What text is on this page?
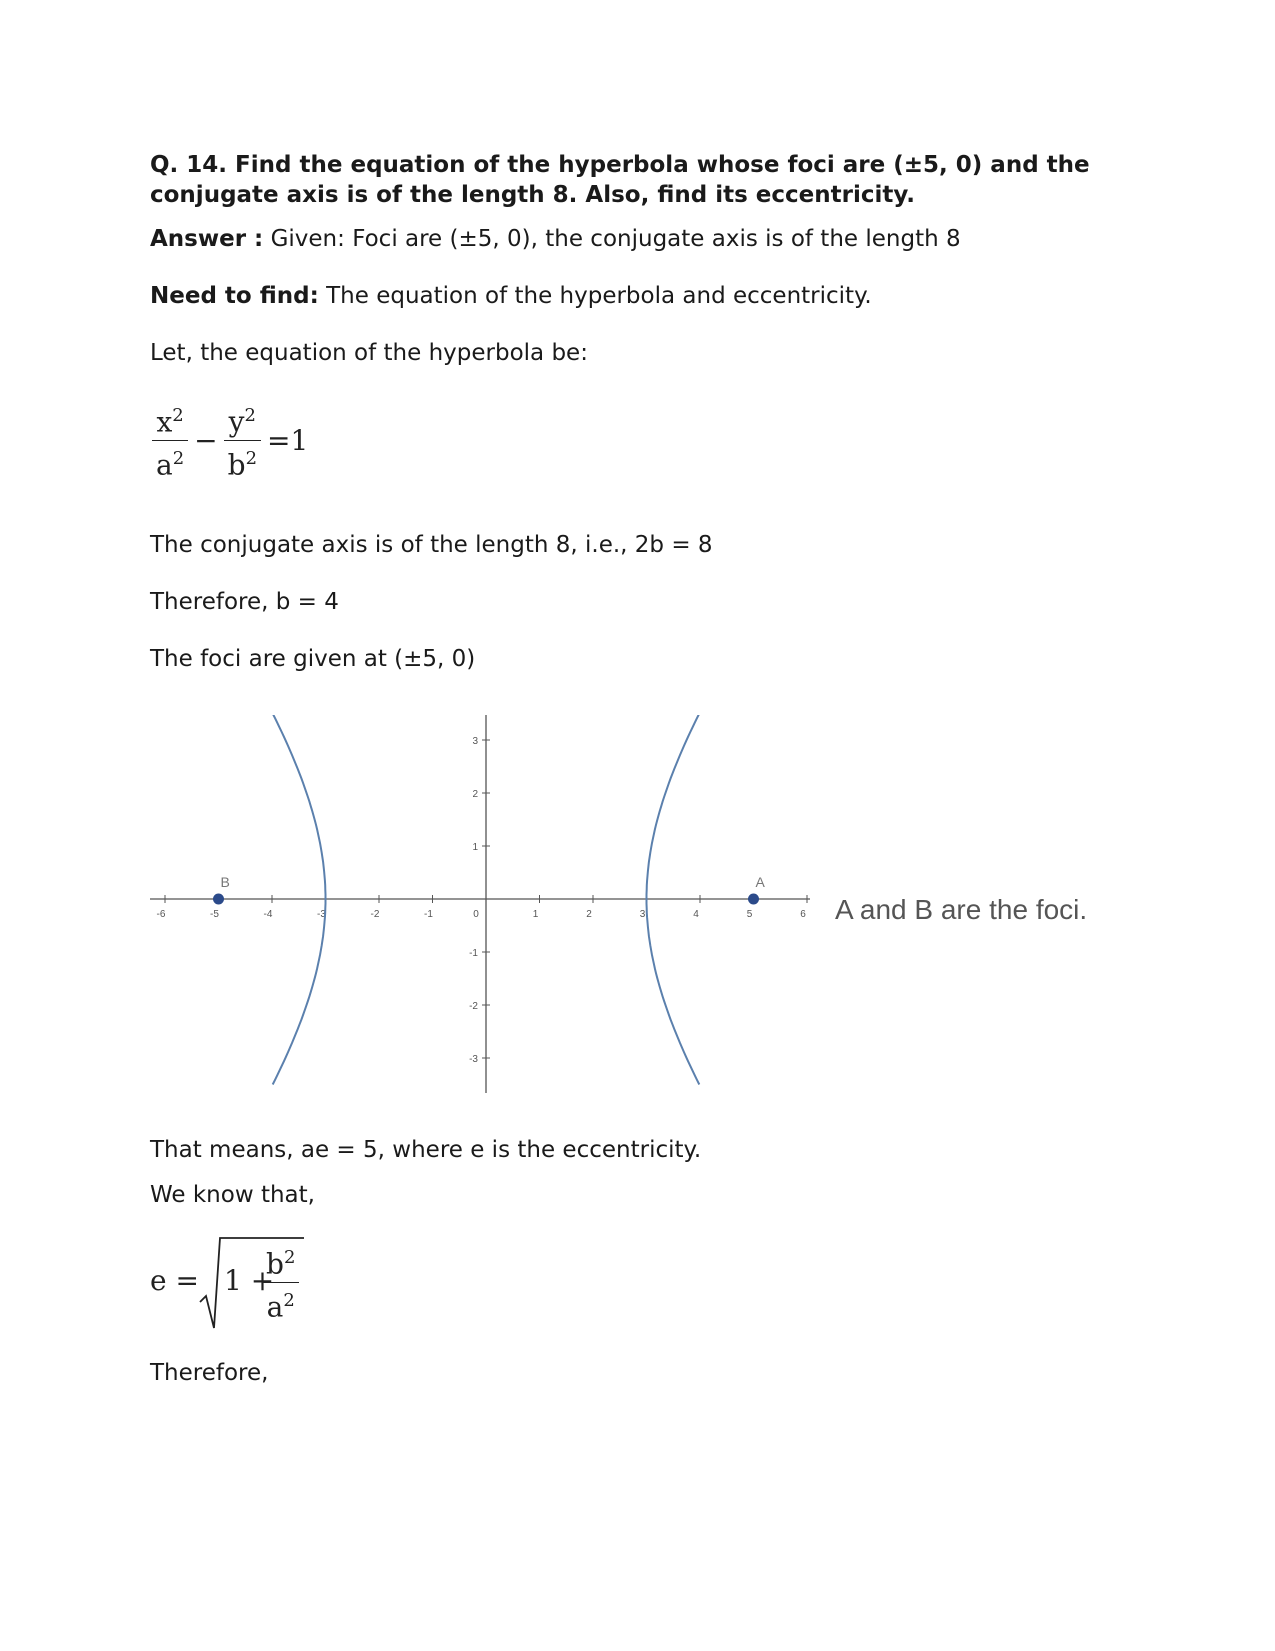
Q. 14. Find the equation of the hyperbola whose foci are (±5, 0) and the conjugate axis is of the length 8. Also, find its eccentricity.
Answer : Given: Foci are (±5, 0), the conjugate axis is of the length 8
Need to find: The equation of the hyperbola and eccentricity.
Let, the equation of the hyperbola be:
$\frac{x^2}{a^2} - \frac{y^2}{b^2} =1$
The conjugate axis is of the length 8, i.e., 2b = 8
Therefore, b = 4
The foci are given at (±5, 0)
-6	-5	-4	-3	-2	-1	0	1	2	3	4	5	6
3
2
1
-1
-2
-3
B	A
A and B are the foci.
That means, ae = 5, where e is the eccentricity.
We know that,
e = 1 +
$\frac{b^2}{a^2}$
Therefore,
